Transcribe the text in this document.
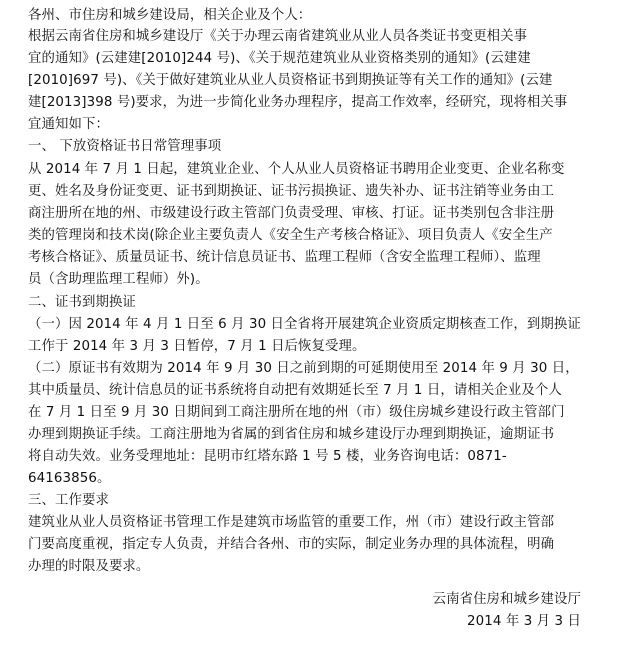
各州、市住房和城乡建设局，相关企业及个人：
根据云南省住房和城乡建设厅《关于办理云南省建筑业从业人员各类证书变更相关事
宜的通知》(云建建[2010]244 号)、《关于规范建筑业从业资格类别的通知》(云建建
[2010]697 号)、《关于做好建筑业从业人员资格证书到期换证等有关工作的通知》(云建
建[2013]398 号)要求，为进一步简化业务办理程序，提高工作效率，经研究，现将相关事
宜通知如下：
一、 下放资格证书日常管理事项
从 2014 年 7 月 1 日起，建筑业企业、个人从业人员资格证书聘用企业变更、企业名称变
更、姓名及身份证变更、证书到期换证、证书污损换证、遗失补办、证书注销等业务由工
商注册所在地的州、市级建设行政主管部门负责受理、审核、打证。证书类别包含非注册
类的管理岗和技术岗(除企业主要负责人《安全生产考核合格证》、项目负责人《安全生产
考核合格证》、质量员证书、统计信息员证书、监理工程师（含安全监理工程师）、监理
员（含助理监理工程师）外)。
二、证书到期换证
（一）因 2014 年 4 月 1 日至 6 月 30 日全省将开展建筑企业资质定期核查工作，到期换证
工作于 2014 年 3 月 3 日暂停，7 月 1 日后恢复受理。
（二）原证书有效期为 2014 年 9 月 30 日之前到期的可延期使用至 2014 年 9 月 30 日，
其中质量员、统计信息员的证书系统将自动把有效期延长至 7 月 1 日，请相关企业及个人
在 7 月 1 日至 9 月 30 日期间到工商注册所在地的州（市）级住房城乡建设行政主管部门
办理到期换证手续。工商注册地为省属的到省住房和城乡建设厅办理到期换证，逾期证书
将自动失效。业务受理地址：昆明市红塔东路 1 号 5 楼，业务咨询电话：0871-
64163856。
三、工作要求
建筑业从业人员资格证书管理工作是建筑市场监管的重要工作，州（市）建设行政主管部
门要高度重视，指定专人负责，并结合各州、市的实际，制定业务办理的具体流程，明确
办理的时限及要求。
云南省住房和城乡建设厅
2014 年 3 月 3 日
